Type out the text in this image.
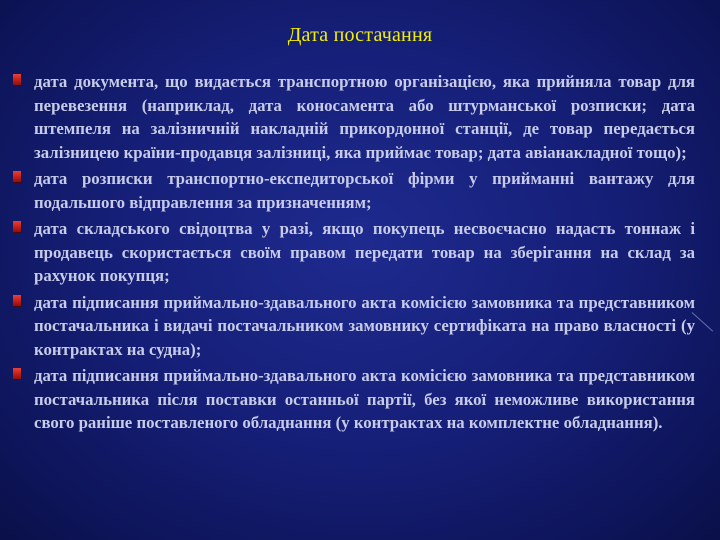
Дата постачання
дата документа, що видається транспортною організацією, яка прийняла товар для перевезення (наприклад, дата коносамента або штурманської розписки; дата штемпеля на залізничній накладній прикордонної станції, де товар передається залізницею країни-продавця залізниці, яка приймає товар; дата авіанакладної тощо);
дата розписки транспортно-експедиторської фірми у прийманні вантажу для подальшого відправлення за призначенням;
дата складського свідоцтва у разі, якщо покупець несвоєчасно надасть тоннаж і продавець скористається своїм правом передати товар на зберігання на склад за рахунок покупця;
дата підписання приймально-здавального акта комісією замовника та представником постачальника і видачі постачальником замовнику сертифіката на право власності (у контрактах на судна);
дата підписання приймально-здавального акта комісією замовника та представником постачальника після поставки останньої партії, без якої неможливе використання свого раніше поставленого обладнання (у контрактах на комплектне обладнання).
